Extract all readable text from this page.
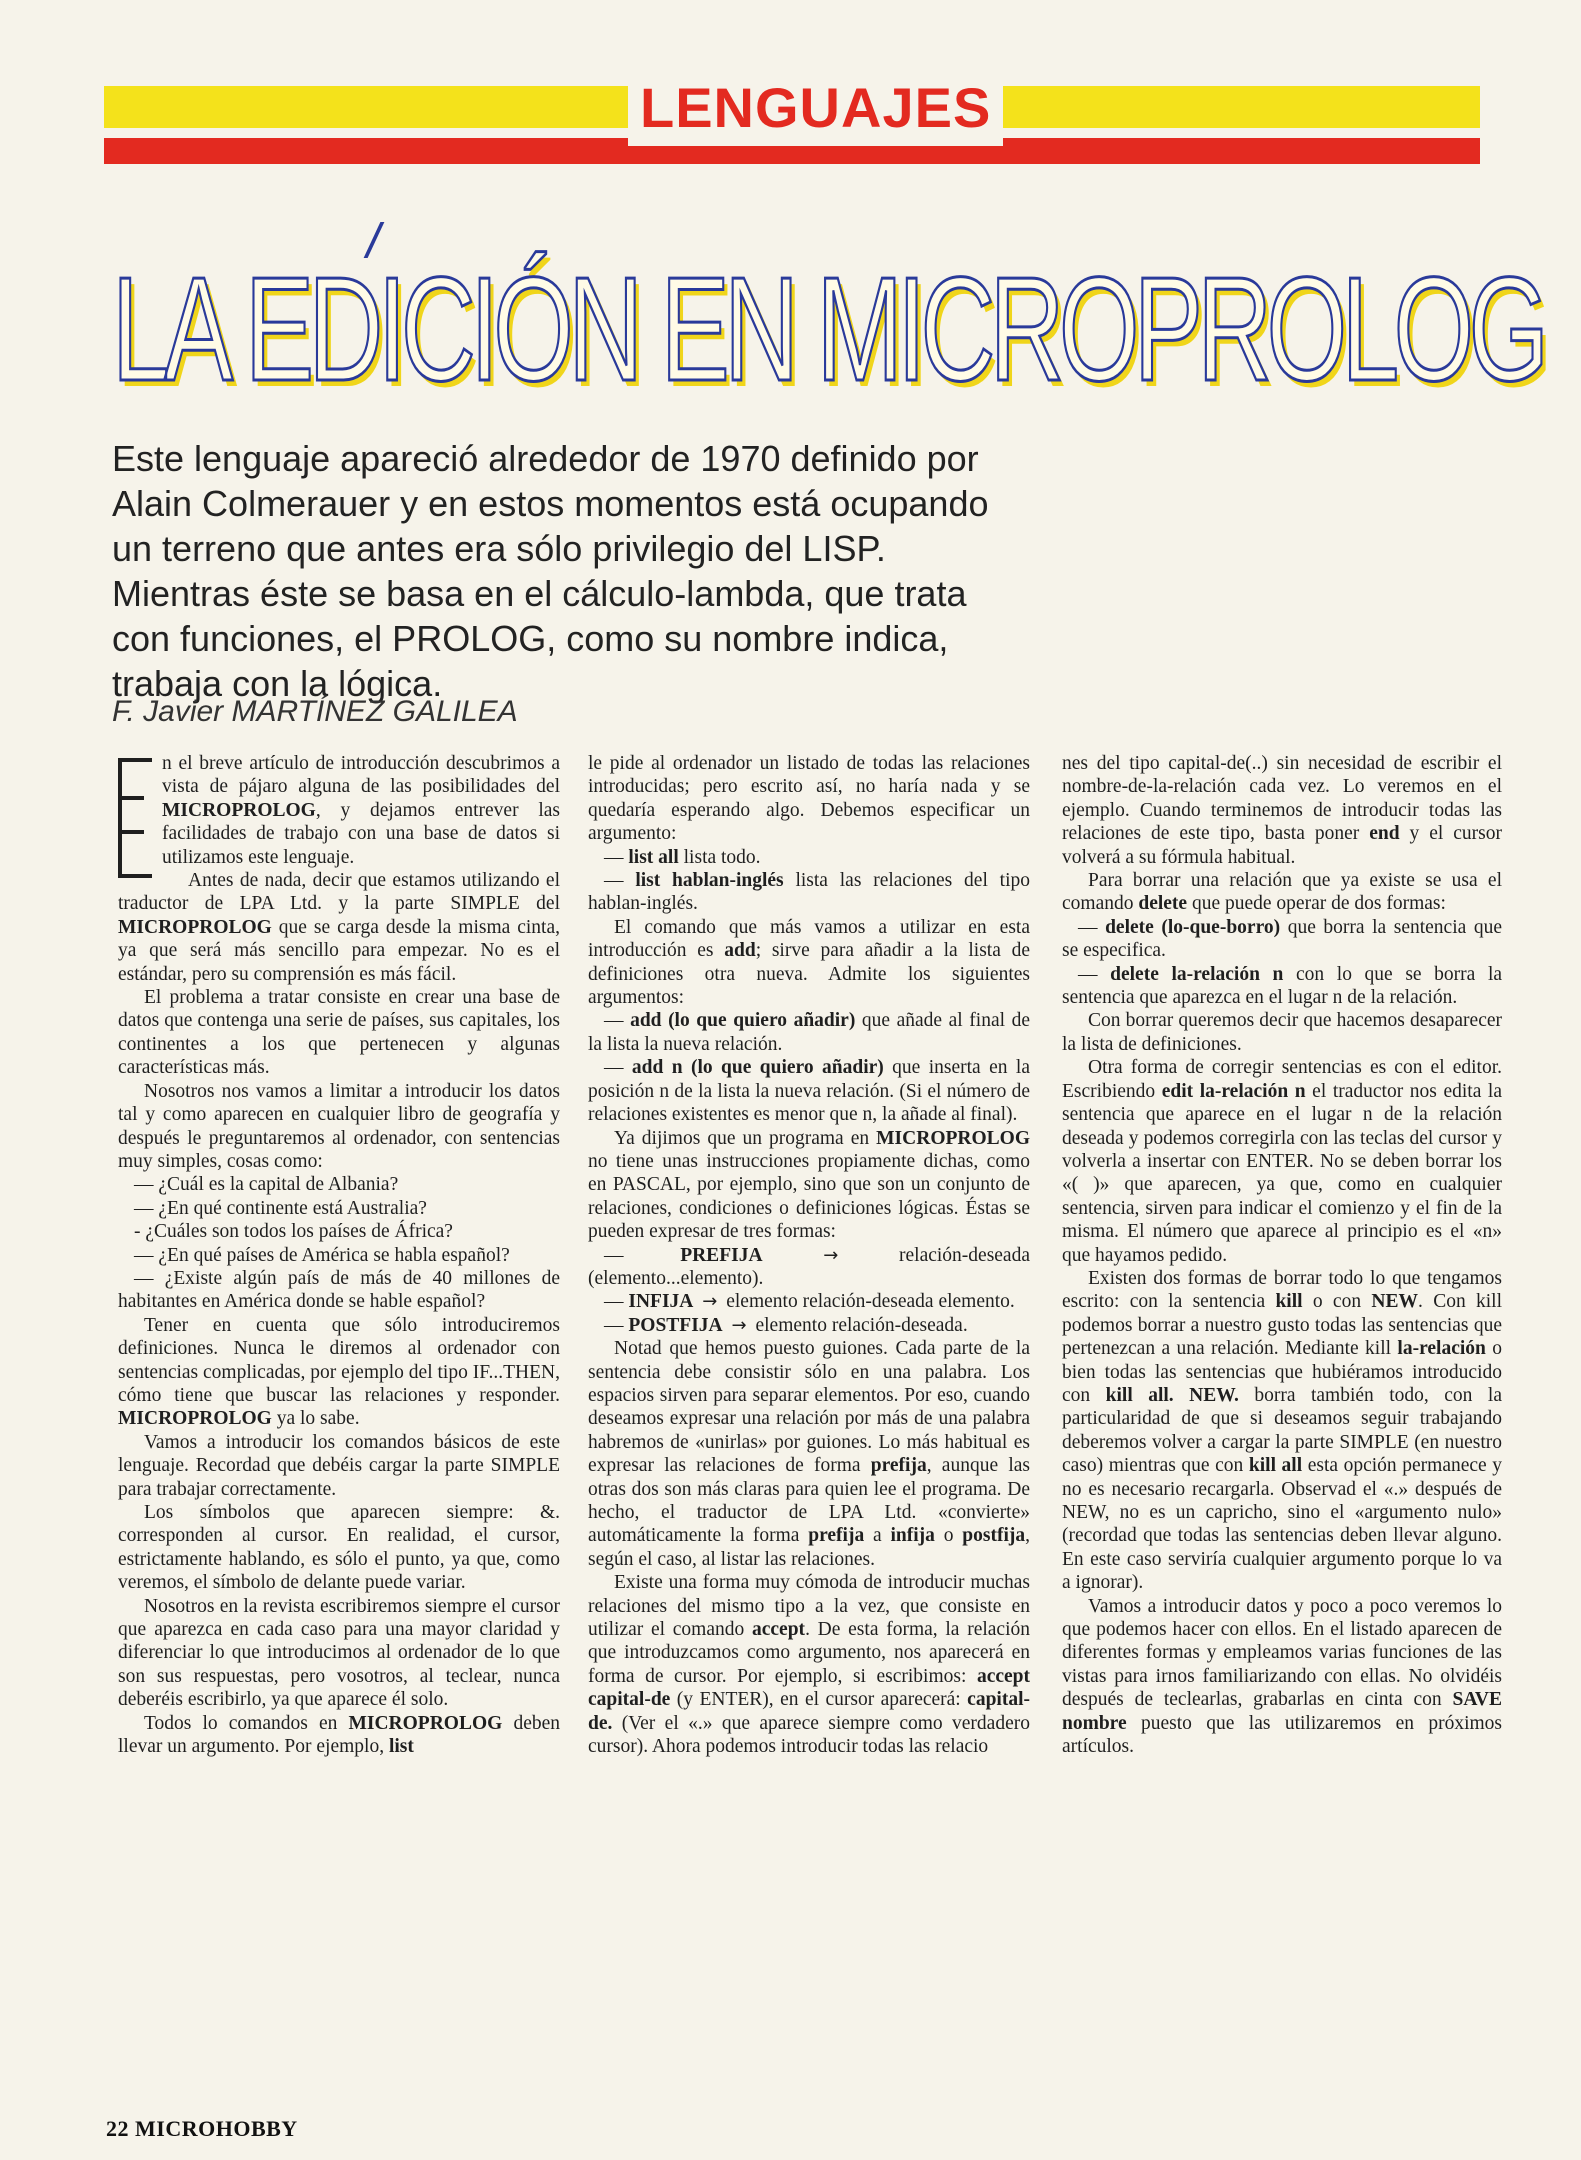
LENGUAJES
LA EDICIÓN EN MICROPROLOG

Este lenguaje apareció alrededor de 1970 definido por Alain Colmerauer y en estos momentos está ocupando un terreno que antes era sólo privilegio del LISP. Mientras éste se basa en el cálculo-lambda, que trata con funciones, el PROLOG, como su nombre indica, trabaja con la lógica.

F. Javier MARTÍNEZ GALILEA

n el breve artículo de introducción descubrimos a vista de pájaro alguna de las posibilidades del MICROPROLOG, y dejamos entrever las facilidades de trabajo con una base de datos si utilizamos este lenguaje.

Antes de nada, decir que estamos utilizando el traductor de LPA Ltd. y la parte SIMPLE del MICROPROLOG que se carga desde la misma cinta, ya que será más sencillo para empezar. No es el estándar, pero su comprensión es más fácil.

El problema a tratar consiste en crear una base de datos que contenga una serie de países, sus capitales, los continentes a los que pertenecen y algunas características más.

Nosotros nos vamos a limitar a introducir los datos tal y como aparecen en cualquier libro de geografía y después le preguntaremos al ordenador, con sentencias muy simples, cosas como:

— ¿Cuál es la capital de Albania?

— ¿En qué continente está Australia?

- ¿Cuáles son todos los países de África?

— ¿En qué países de América se habla español?

— ¿Existe algún país de más de 40 millones de habitantes en América donde se hable español?

Tener en cuenta que sólo introduciremos definiciones. Nunca le diremos al ordenador con sentencias complicadas, por ejemplo del tipo IF...THEN, cómo tiene que buscar las relaciones y responder. MICROPROLOG ya lo sabe.

Vamos a introducir los comandos básicos de este lenguaje. Recordad que debéis cargar la parte SIMPLE para trabajar correctamente.

Los símbolos que aparecen siempre: &. corresponden al cursor. En realidad, el cursor, estrictamente hablando, es sólo el punto, ya que, como veremos, el símbolo de delante puede variar.

Nosotros en la revista escribiremos siempre el cursor que aparezca en cada caso para una mayor claridad y diferenciar lo que introducimos al ordenador de lo que son sus respuestas, pero vosotros, al teclear, nunca deberéis escribirlo, ya que aparece él solo.

Todos lo comandos en MICROPROLOG deben llevar un argumento. Por ejemplo, list

le pide al ordenador un listado de todas las relaciones introducidas; pero escrito así, no haría nada y se quedaría esperando algo. Debemos especificar un argumento:

— list all lista todo.

— list hablan-inglés lista las relaciones del tipo hablan-inglés.

El comando que más vamos a utilizar en esta introducción es add; sirve para añadir a la lista de definiciones otra nueva. Admite los siguientes argumentos:

— add (lo que quiero añadir) que añade al final de la lista la nueva relación.

— add n (lo que quiero añadir) que inserta en la posición n de la lista la nueva relación. (Si el número de relaciones existentes es menor que n, la añade al final).

Ya dijimos que un programa en MICROPROLOG no tiene unas instrucciones propiamente dichas, como en PASCAL, por ejemplo, sino que son un conjunto de relaciones, condiciones o definiciones lógicas. Éstas se pueden expresar de tres formas:

— PREFIJA	→ relación-deseada (elemento...elemento).

— INFIJA → elemento relación-deseada elemento.

— POSTFIJA → elemento relación-deseada.

Notad que hemos puesto guiones. Cada parte de la sentencia debe consistir sólo en una palabra. Los espacios sirven para separar elementos. Por eso, cuando deseamos expresar una relación por más de una palabra habremos de «unirlas» por guiones. Lo más habitual es expresar las relaciones de forma prefija, aunque las otras dos son más claras para quien lee el programa. De hecho, el traductor de LPA Ltd. «convierte» automáticamente la forma prefija a infija o postfija, según el caso, al listar las relaciones.

Existe una forma muy cómoda de introducir muchas relaciones del mismo tipo a la vez, que consiste en utilizar el comando accept. De esta forma, la relación que introduzcamos como argumento, nos aparecerá en forma de cursor. Por ejemplo, si escribimos: accept capital-de (y ENTER), en el cursor aparecerá: capital-de. (Ver el «.» que aparece siempre como verdadero cursor). Ahora podemos introducir todas las relacio

nes del tipo capital-de(..) sin necesidad de escribir el nombre-de-la-relación cada vez. Lo veremos en el ejemplo. Cuando terminemos de introducir todas las relaciones de este tipo, basta poner end y el cursor volverá a su fórmula habitual.

Para borrar una relación que ya existe se usa el comando delete que puede operar de dos formas:

— delete (lo-que-borro) que borra la sentencia que se especifica.

— delete la-relación n con lo que se borra la sentencia que aparezca en el lugar n de la relación.

Con borrar queremos decir que hacemos desaparecer la lista de definiciones.

Otra forma de corregir sentencias es con el editor. Escribiendo edit la-relación n el traductor nos edita la sentencia que aparece en el lugar n de la relación deseada y podemos corregirla con las teclas del cursor y volverla a insertar con ENTER. No se deben borrar los «( )» que aparecen, ya que, como en cualquier sentencia, sirven para indicar el comienzo y el fin de la misma. El número que aparece al principio es el «n» que hayamos pedido.

Existen dos formas de borrar todo lo que tengamos escrito: con la sentencia kill o con NEW. Con kill podemos borrar a nuestro gusto todas las sentencias que pertenezcan a una relación. Mediante kill la-relación o bien todas las sentencias que hubiéramos introducido con kill all. NEW. borra también todo, con la particularidad de que si deseamos seguir trabajando deberemos volver a cargar la parte SIMPLE (en nuestro caso) mientras que con kill all esta opción permanece y no es necesario recargarla. Observad el «.» después de NEW, no es un capricho, sino el «argumento nulo» (recordad que todas las sentencias deben llevar alguno. En este caso serviría cualquier argumento porque lo va a ignorar).

Vamos a introducir datos y poco a poco veremos lo que podemos hacer con ellos. En el listado aparecen de diferentes formas y empleamos varias funciones de las vistas para irnos familiarizando con ellas. No olvidéis después de teclearlas, grabarlas en cinta con SAVE nombre puesto que las utilizaremos en próximos artículos.

22 MICROHOBBY
